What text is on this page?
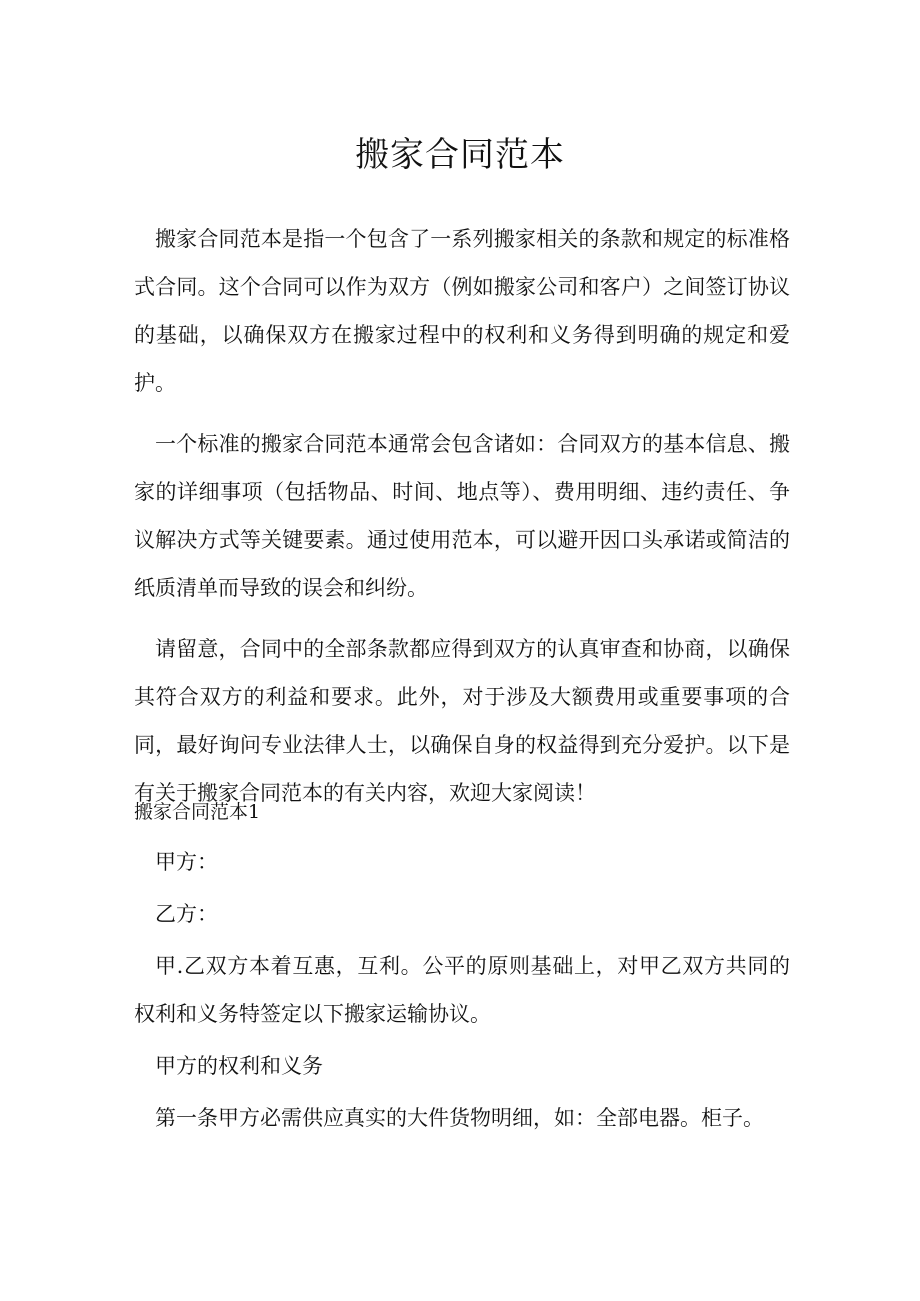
搬家合同范本

搬家合同范本是指一个包含了一系列搬家相关的条款和规定的标准格式合同。这个合同可以作为双方（例如搬家公司和客户）之间签订协议的基础，以确保双方在搬家过程中的权利和义务得到明确的规定和爱护。

一个标准的搬家合同范本通常会包含诸如：合同双方的基本信息、搬家的详细事项（包括物品、时间、地点等）、费用明细、违约责任、争议解决方式等关键要素。通过使用范本，可以避开因口头承诺或简洁的纸质清单而导致的误会和纠纷。

请留意，合同中的全部条款都应得到双方的认真审查和协商，以确保其符合双方的利益和要求。此外，对于涉及大额费用或重要事项的合同，最好询问专业法律人士，以确保自身的权益得到充分爱护。以下是有关于搬家合同范本的有关内容，欢迎大家阅读！

搬家合同范本1
甲方：
乙方：
甲.乙双方本着互惠，互利。公平的原则基础上，对甲乙双方共同的权利和义务特签定以下搬家运输协议。
甲方的权利和义务
第一条甲方必需供应真实的大件货物明细，如：全部电器。柜子。
